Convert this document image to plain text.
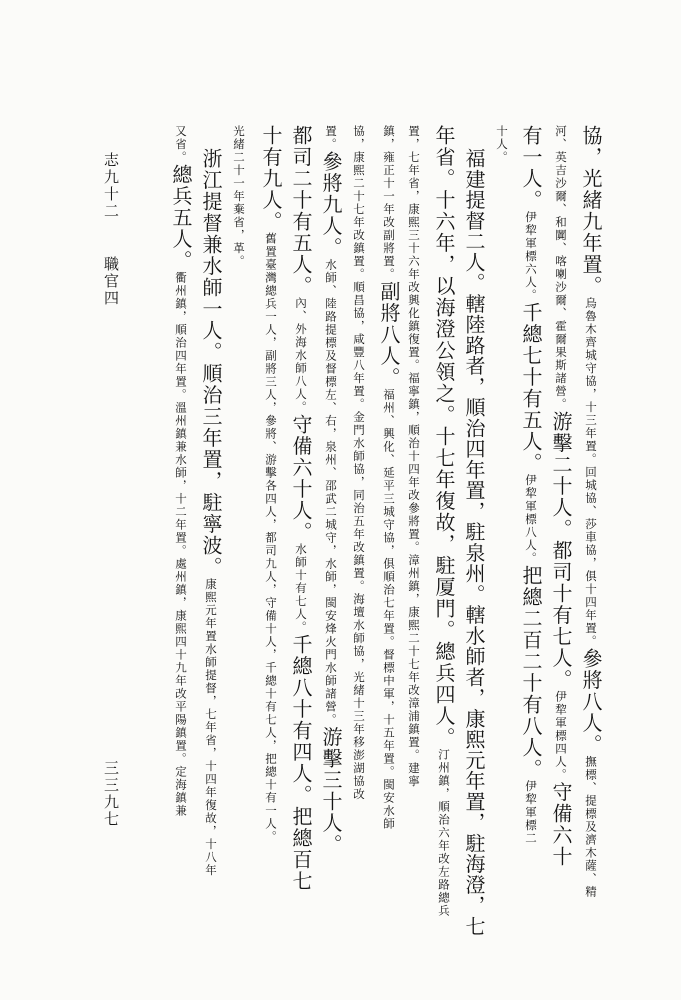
協，光緒九年置。烏魯木齊城守協，十三年置。回城協、莎車協，俱十四年置。參將八人。撫標、提標及濟木薩、精
河、英吉沙爾、和闐、喀喇沙爾、霍爾果斯諸營。游擊二十人。都司十有七人。伊犂軍標四人。守備六十
有一人。伊犂軍標六人。千總七十有五人。伊犂軍標八人。把總二百二十有八人。伊犂軍標二
十人。
福建提督二人。轄陸路者，順治四年置，駐泉州。轄水師者，康熙元年置，駐海澄，七
年省。十六年，以海澄公領之。十七年復故，駐厦門。總兵四人。汀州鎮，順治六年改左路總兵
置，七年省，康熙三十六年改興化鎮復置。福寧鎮，順治十四年改參將置。漳州鎮，康熙二十七年改漳浦鎮置。建寧
鎮，雍正十一年改副將置。副將八人。福州、興化、延平三城守協，俱順治七年置。督標中軍，十五年置。閩安水師
協，康熙二十七年改鎮置。順昌協，咸豐八年置。金門水師協，同治五年改鎮置。海壇水師協，光緒十三年移澎湖協改
置。參將九人。水師、陸路提標及督標左、右，泉州、邵武二城守，水師，閩安烽火門水師諸營。游擊三十人。
都司二十有五人。內、外海水師八人。守備六十人。水師十有七人。千總八十有四人。把總百七
十有九人。舊置臺灣總兵一人，副將三人，參將、游擊各四人，都司九人，守備十人，千總十有七人，把總十有一人。
光緒二十一年棄省，革。
浙江提督兼水師一人。順治三年置，駐寧波。康熙元年置水師提督，七年省，十四年復故，十八年
又省。總兵五人。衢州鎮，順治四年置。溫州鎮兼水師，十二年置。處州鎮，康熙四十九年改平陽鎮置。定海鎮兼
志九十二
職官四
三三九七
